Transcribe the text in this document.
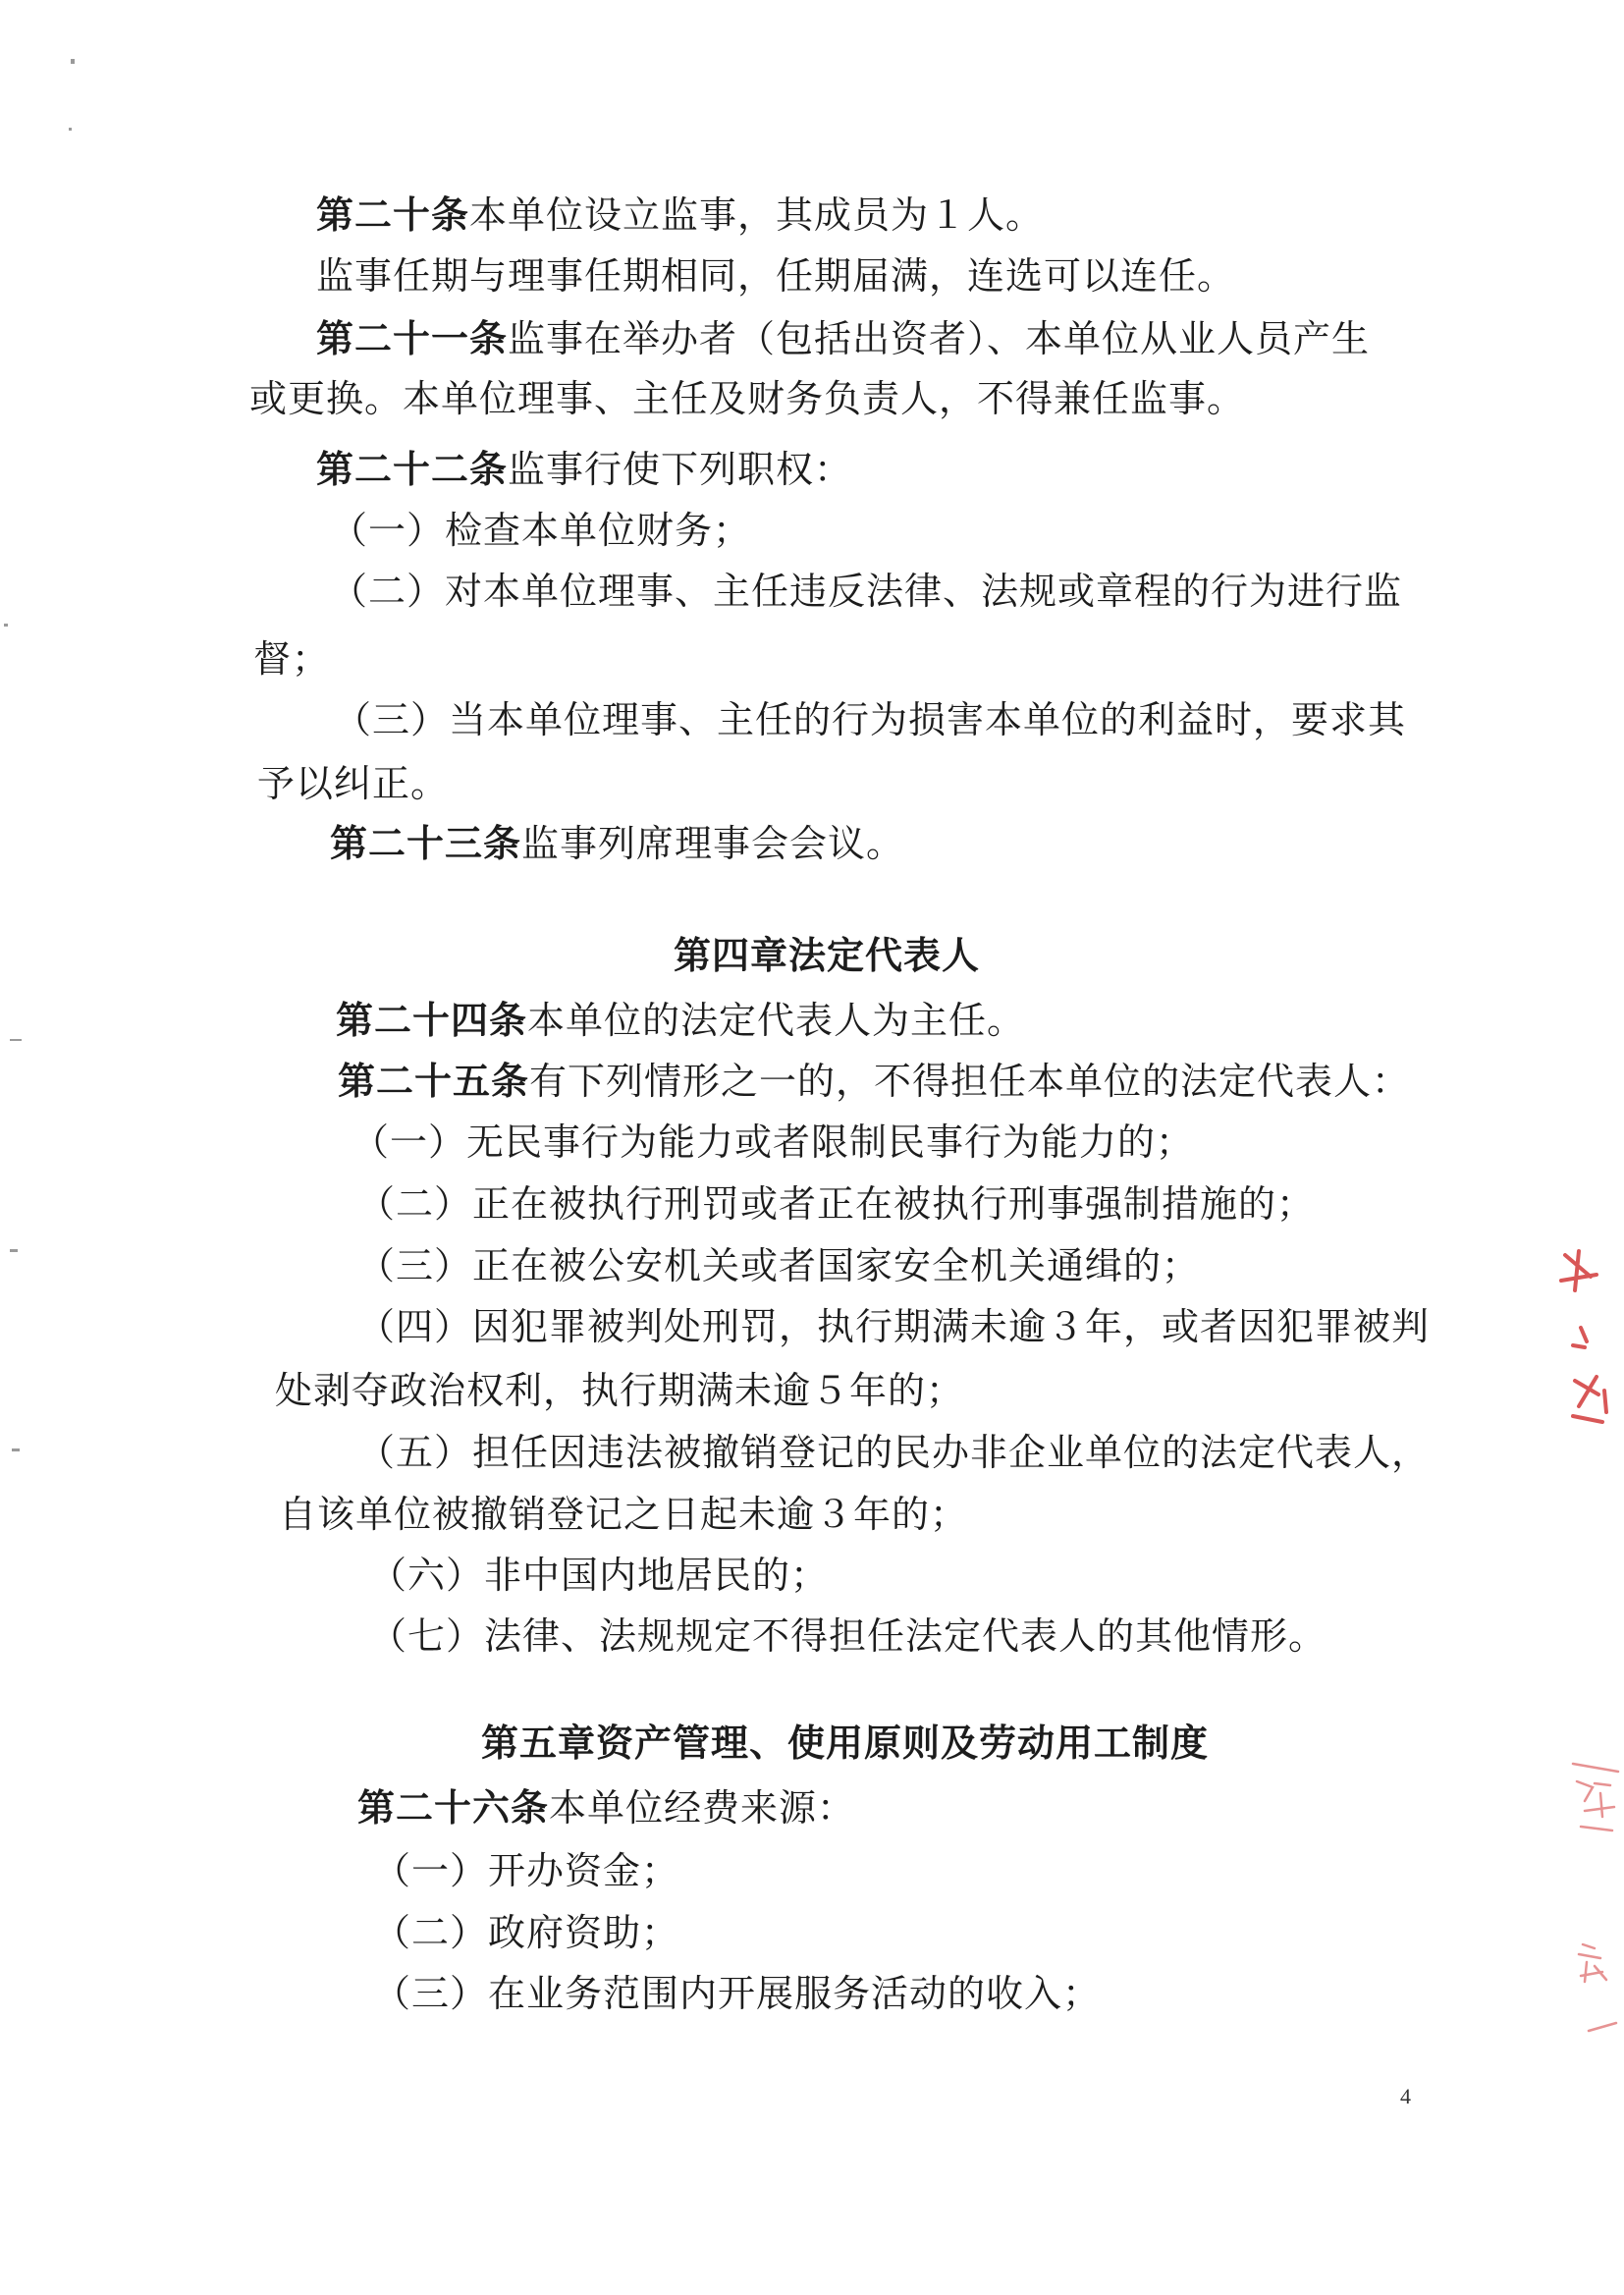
第二十条本单位设立监事，其成员为１人。
监事任期与理事任期相同，任期届满，连选可以连任。
第二十一条监事在举办者（包括出资者）、本单位从业人员产生
或更换。本单位理事、主任及财务负责人，不得兼任监事。
第二十二条监事行使下列职权：
（一）检查本单位财务；
（二）对本单位理事、主任违反法律、法规或章程的行为进行监
督；
（三）当本单位理事、主任的行为损害本单位的利益时，要求其
予以纠正。
第二十三条监事列席理事会会议。
第四章法定代表人
第二十四条本单位的法定代表人为主任。
第二十五条有下列情形之一的，不得担任本单位的法定代表人：
（一）无民事行为能力或者限制民事行为能力的；
（二）正在被执行刑罚或者正在被执行刑事强制措施的；
（三）正在被公安机关或者国家安全机关通缉的；
（四）因犯罪被判处刑罚，执行期满未逾３年，或者因犯罪被判
处剥夺政治权利，执行期满未逾５年的；
（五）担任因违法被撤销登记的民办非企业单位的法定代表人，
自该单位被撤销登记之日起未逾３年的；
（六）非中国内地居民的；
（七）法律、法规规定不得担任法定代表人的其他情形。
第五章资产管理、使用原则及劳动用工制度
第二十六条本单位经费来源：
（一）开办资金；
（二）政府资助；
（三）在业务范围内开展服务活动的收入；
4
